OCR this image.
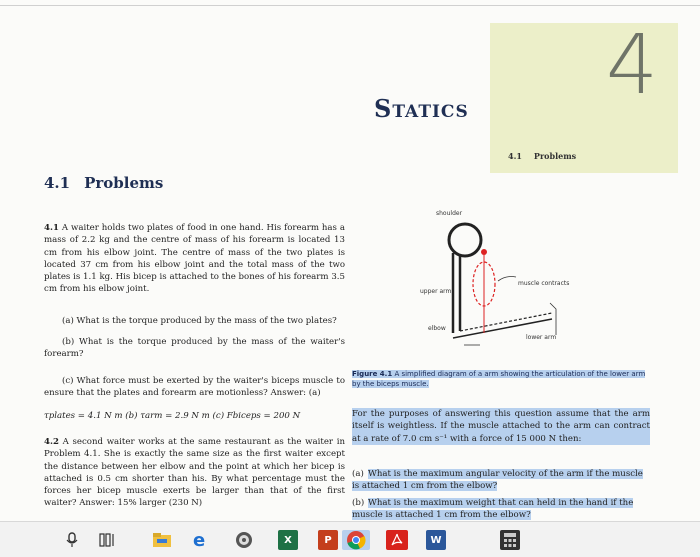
4
4.1 Problems
Statics
4.1 Problems
4.1 A waiter holds two plates of food in one hand. His forearm has a mass of 2.2 kg and the centre of mass of his forearm is located 13 cm from his elbow joint. The centre of mass of the two plates is located 37 cm from his elbow joint and the total mass of the two plates is 1.1 kg. His bicep is attached to the bones of his forearm 3.5 cm from his elbow joint.
(a) What is the torque produced by the mass of the two plates?
(b) What is the torque produced by the mass of the waiter's forearm?
(c) What force must be exerted by the waiter's biceps muscle to ensure that the plates and forearm are motionless? Answer: (a)
τplates = 4.1 N m (b) τarm = 2.9 N m (c) Fbiceps = 200 N
4.2 A second waiter works at the same restaurant as the waiter in Problem 4.1. She is exactly the same size as the first waiter except the distance between her elbow and the point at which her bicep is attached is 0.5 cm shorter than his. By what percentage must the forces her bicep muscle exerts be larger than that of the first waiter? Answer: 15% larger (230 N)
shoulder
upper arm
muscle contracts
elbow
lower arm
Figure 4.1 A simplified diagram of a arm showing the articulation of the lower arm by the biceps muscle.
For the purposes of answering this question assume that the arm itself is weightless. If the muscle attached to the arm can contract at a rate of 7.0 cm s⁻¹ with a force of 15 000 N then:
(a) What is the maximum angular velocity of the arm if the muscle is attached 1 cm from the elbow?
(b) What is the maximum weight that can held in the hand if the muscle is attached 1 cm from the elbow?
e	X	P	W
